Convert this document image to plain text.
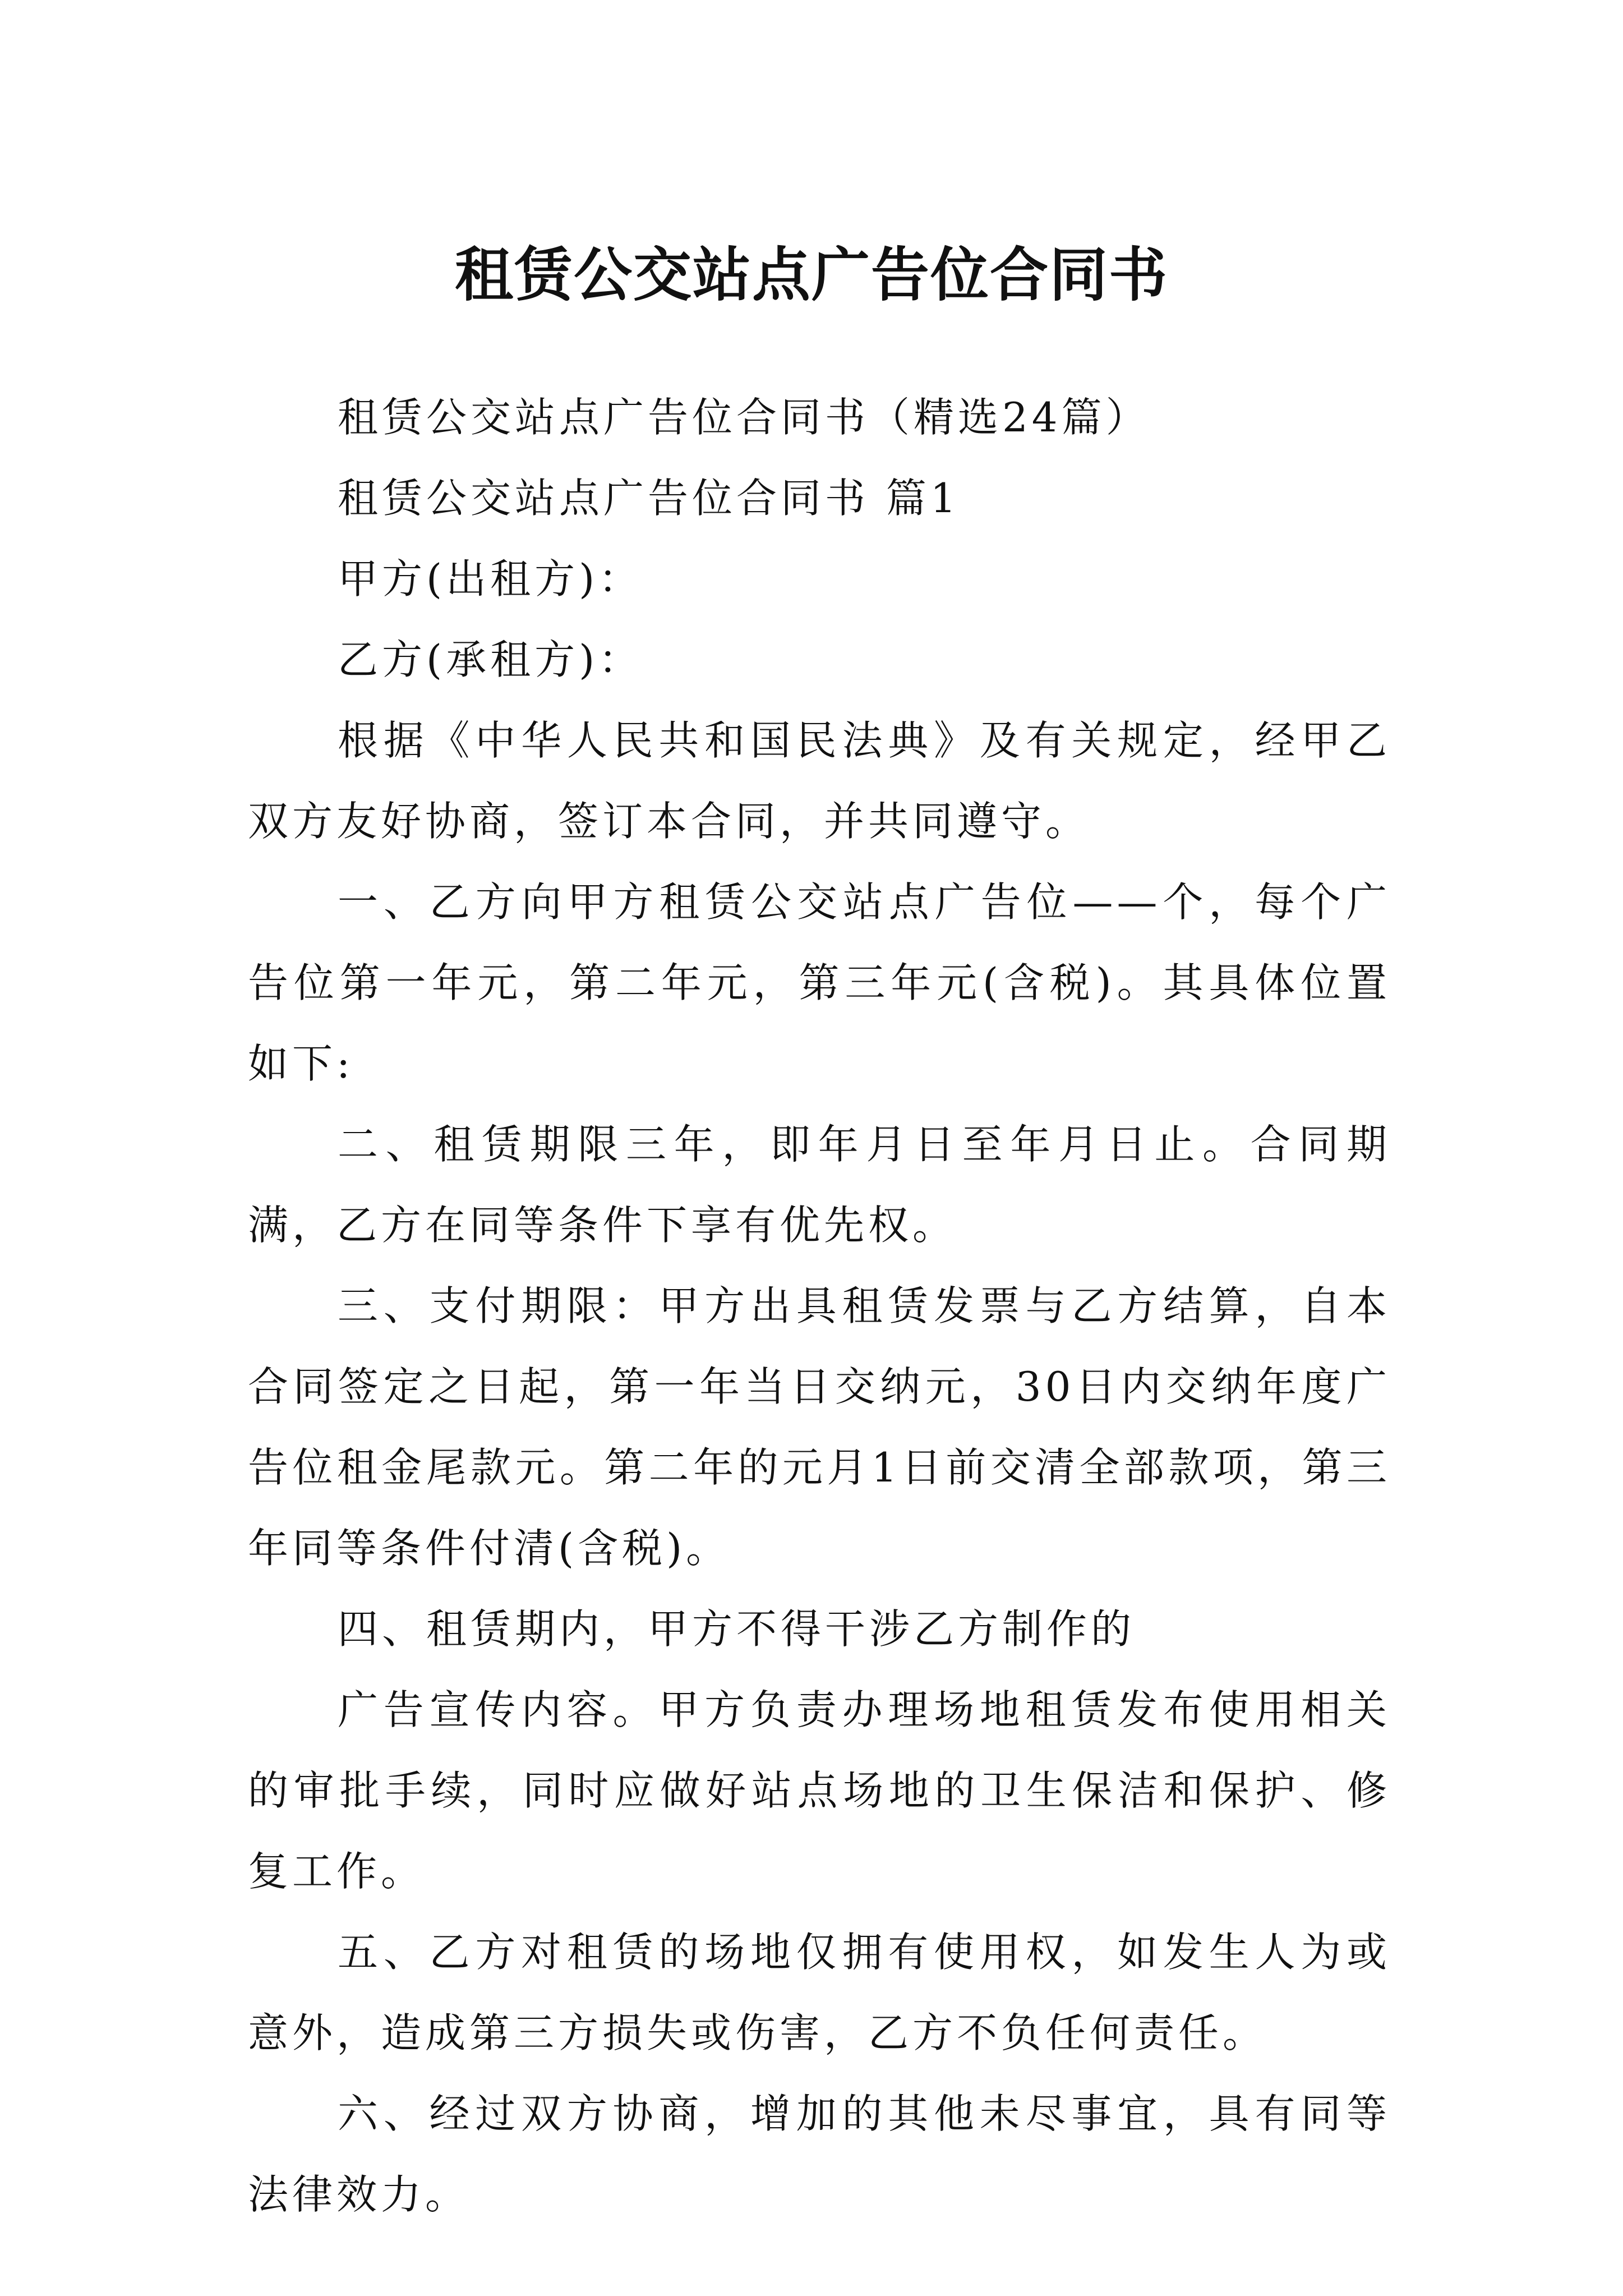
租赁公交站点广告位合同书

租赁公交站点广告位合同书（精选24篇）

租赁公交站点广告位合同书 篇1

甲方(出租方)：

乙方(承租方)：

根据《中华人民共和国民法典》及有关规定，经甲乙双方友好协商，签订本合同，并共同遵守。

一、乙方向甲方租赁公交站点广告位——个，每个广告位第一年元，第二年元，第三年元(含税)。其具体位置如下:

二、租赁期限三年，即年月日至年月日止。合同期满，乙方在同等条件下享有优先权。

三、支付期限：甲方出具租赁发票与乙方结算，自本合同签定之日起，第一年当日交纳元，30日内交纳年度广告位租金尾款元。第二年的元月1日前交清全部款项，第三年同等条件付清(含税)。

四、租赁期内，甲方不得干涉乙方制作的

广告宣传内容。甲方负责办理场地租赁发布使用相关的审批手续，同时应做好站点场地的卫生保洁和保护、修复工作。

五、乙方对租赁的场地仅拥有使用权，如发生人为或意外，造成第三方损失或伤害，乙方不负任何责任。

六、经过双方协商，增加的其他未尽事宜，具有同等法律效力。
